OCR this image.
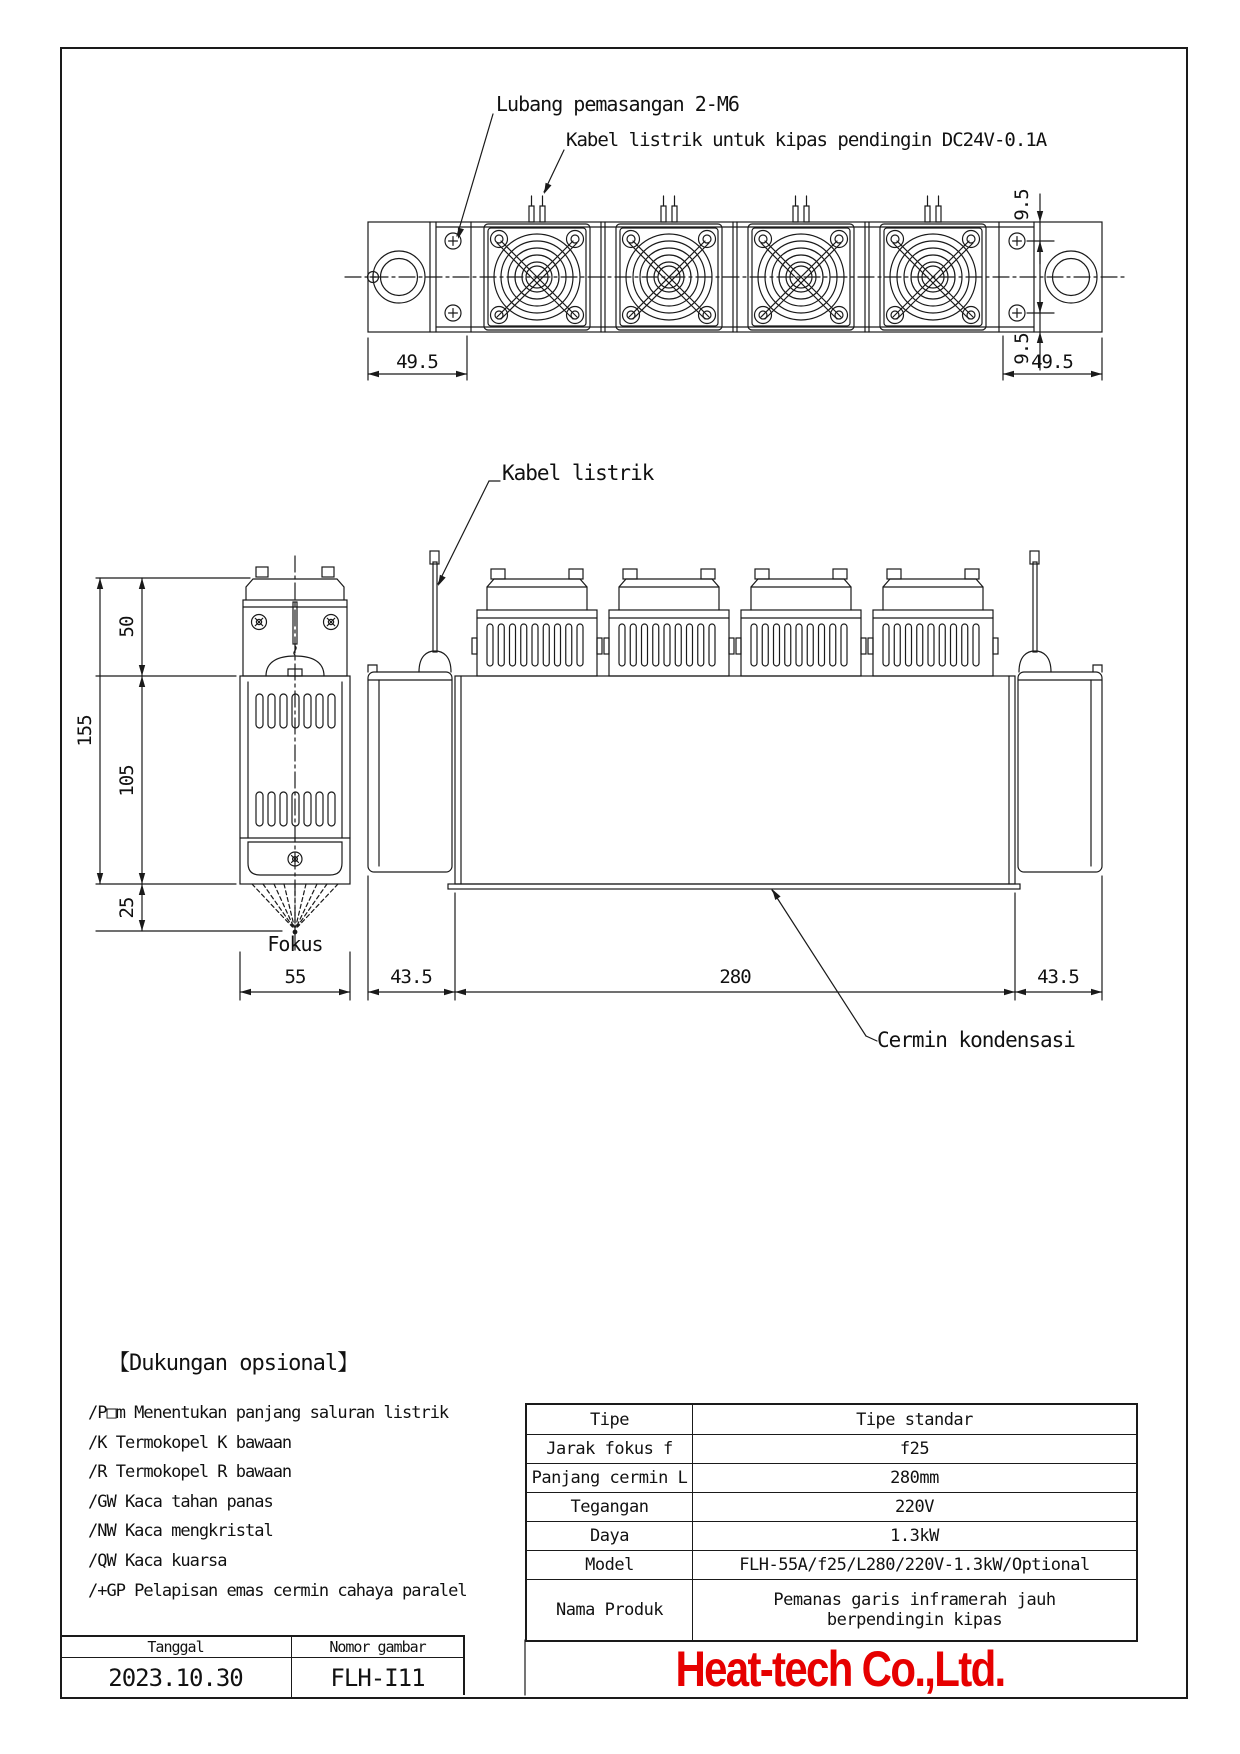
Lubang pemasangan 2-M6
Kabel listrik untuk kipas pendingin DC24V-0.1A
Kabel listrik
Cermin kondensasi
Fokus
49.5	49.5
9.5
9.5
155
50
105
25
55	43.5	280	43.5
【Dukungan opsional】
/P□m Menentukan panjang saluran listrik
/K Termokopel K bawaan
/R Termokopel R bawaan
/GW Kaca tahan panas
/NW Kaca mengkristal
/QW Kaca kuarsa
/+GP Pelapisan emas cermin cahaya paralel
Tipe	Tipe standar
Jarak fokus f	f25
Panjang cermin L	280mm
Tegangan	220V
Daya	1.3kW
Model	FLH-55A/f25/L280/220V-1.3kW/Optional
Nama Produk	Pemanas garis inframerah jauh
berpendingin kipas
Tanggal	Nomor gambar
2023.10.30	FLH-I11	Heat-tech Co.,Ltd.
